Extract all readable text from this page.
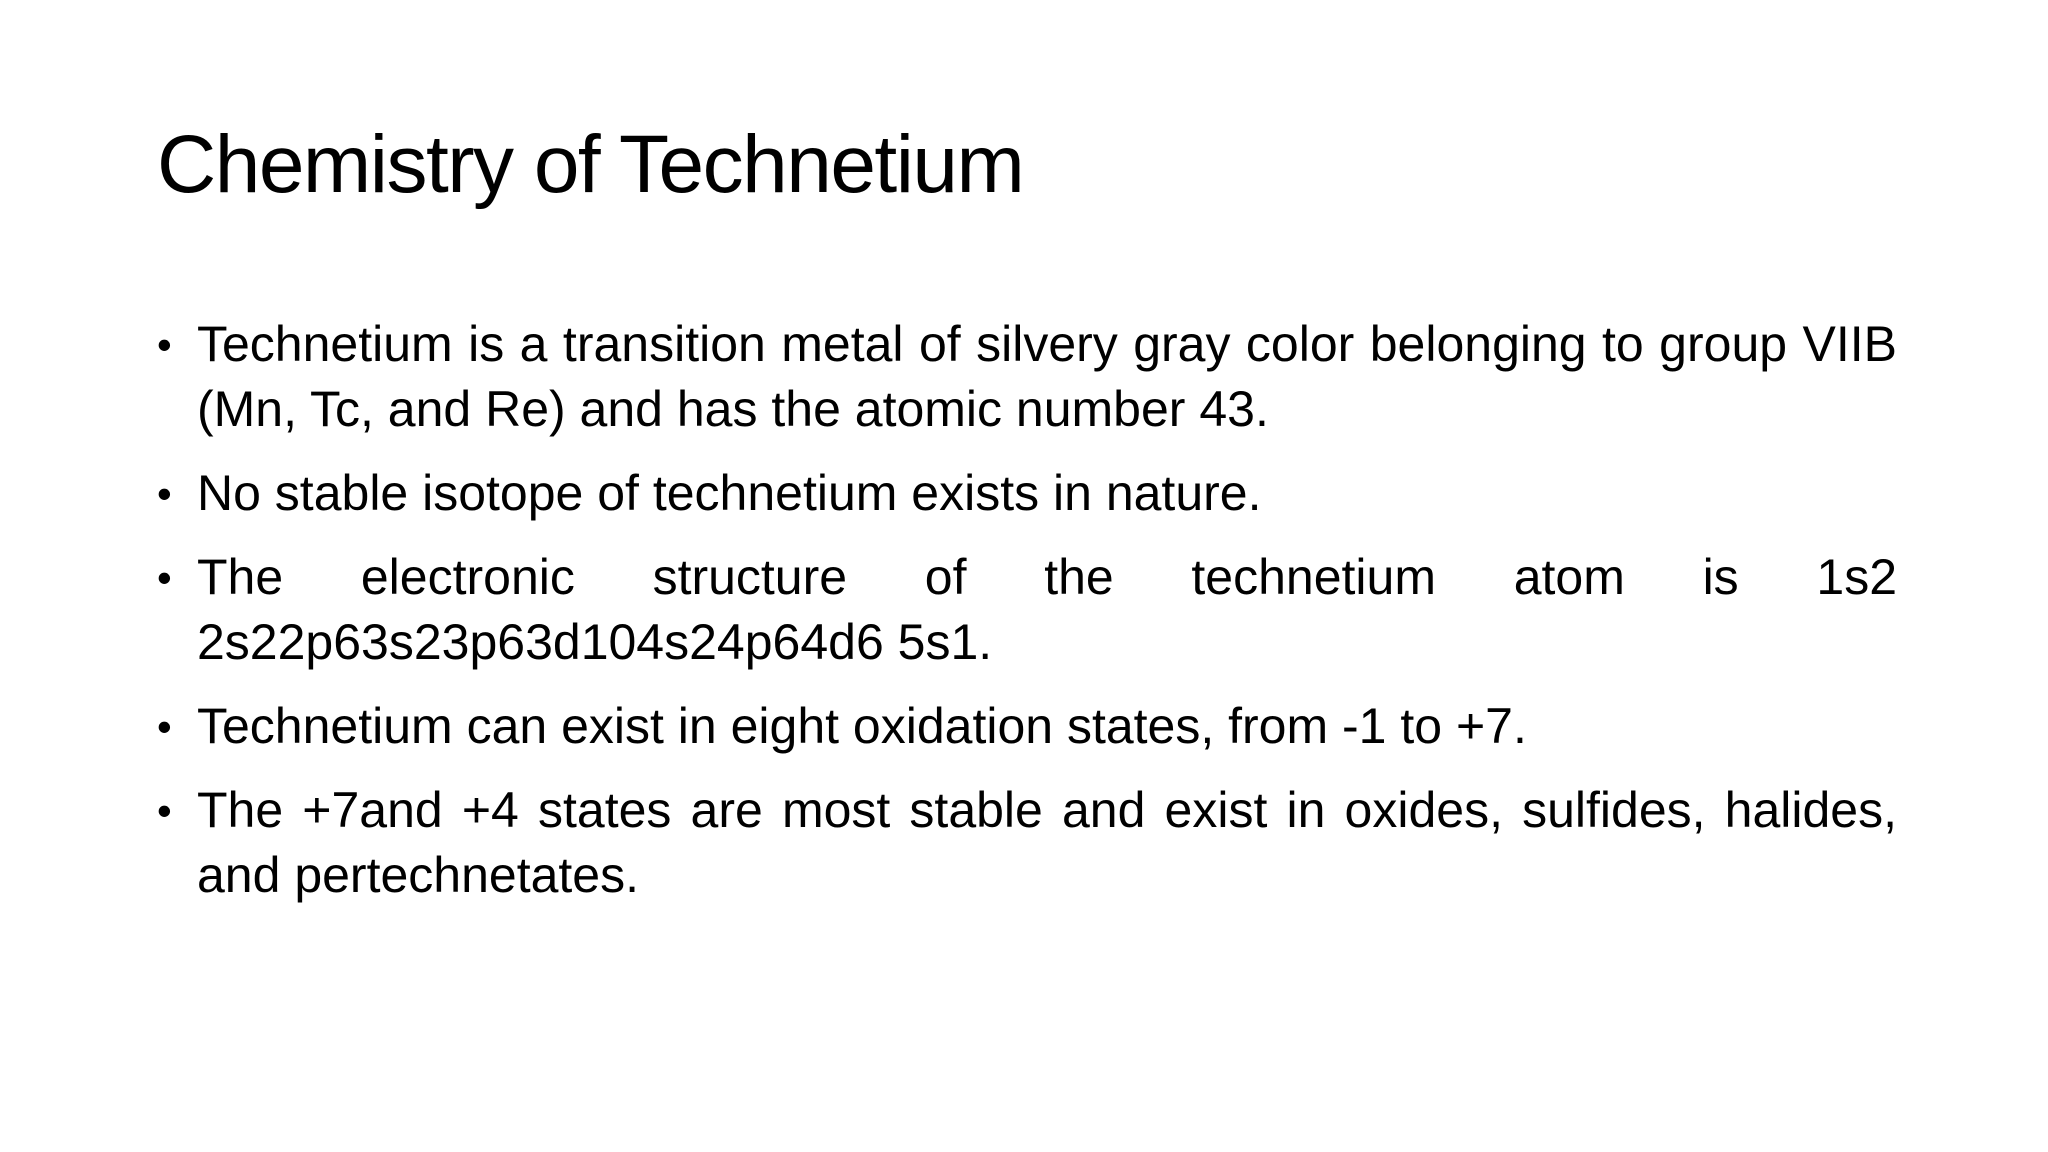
Chemistry of Technetium
• Technetium is a transition metal of silvery gray color belonging to group VIIB (Mn, Tc, and Re) and has the atomic number 43.
• No stable isotope of technetium exists in nature.
• The electronic structure of the technetium atom is 1s2 2s22p63s23p63d104s24p64d6 5s1.
• Technetium can exist in eight oxidation states, from -1 to +7.
• The +7and +4 states are most stable and exist in oxides, sulfides, halides, and pertechnetates.
